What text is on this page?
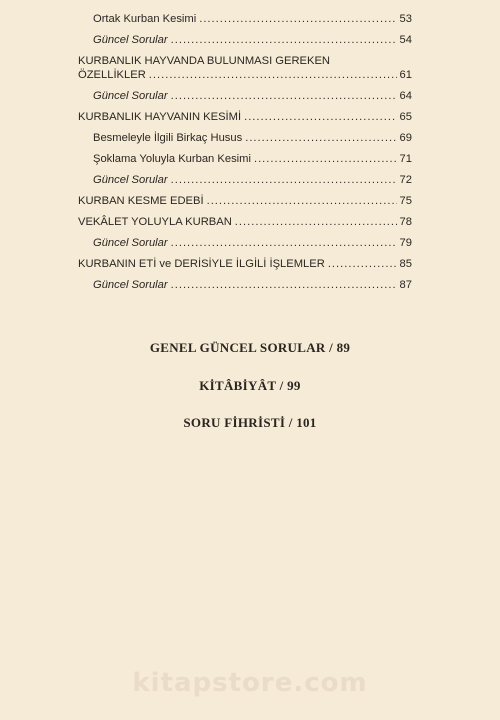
Ortak Kurban Kesimi .....	53
Güncel Sorular .....	54
KURBANLIK HAYVANDA BULUNMASI GEREKEN
ÖZELLİKLER .....	61
Güncel Sorular .....	64
KURBANLIK HAYVANIN KESİMİ .....	65
Besmeleyle İlgili Birkaç Husus .....	69
Şoklama Yoluyla Kurban Kesimi .....	71
Güncel Sorular .....	72
KURBAN KESME EDEBİ .....	75
VEKÂLET YOLUYLA KURBAN .....	78
Güncel Sorular .....	79
KURBANIN ETİ ve DERİSİYLE İLGİLİ İŞLEMLER .....	85
Güncel Sorular .....	87
GENEL GÜNCEL SORULAR / 89
KİTÂBİYÂT / 99
SORU FİHRİSTİ / 101
kitapstore.com
